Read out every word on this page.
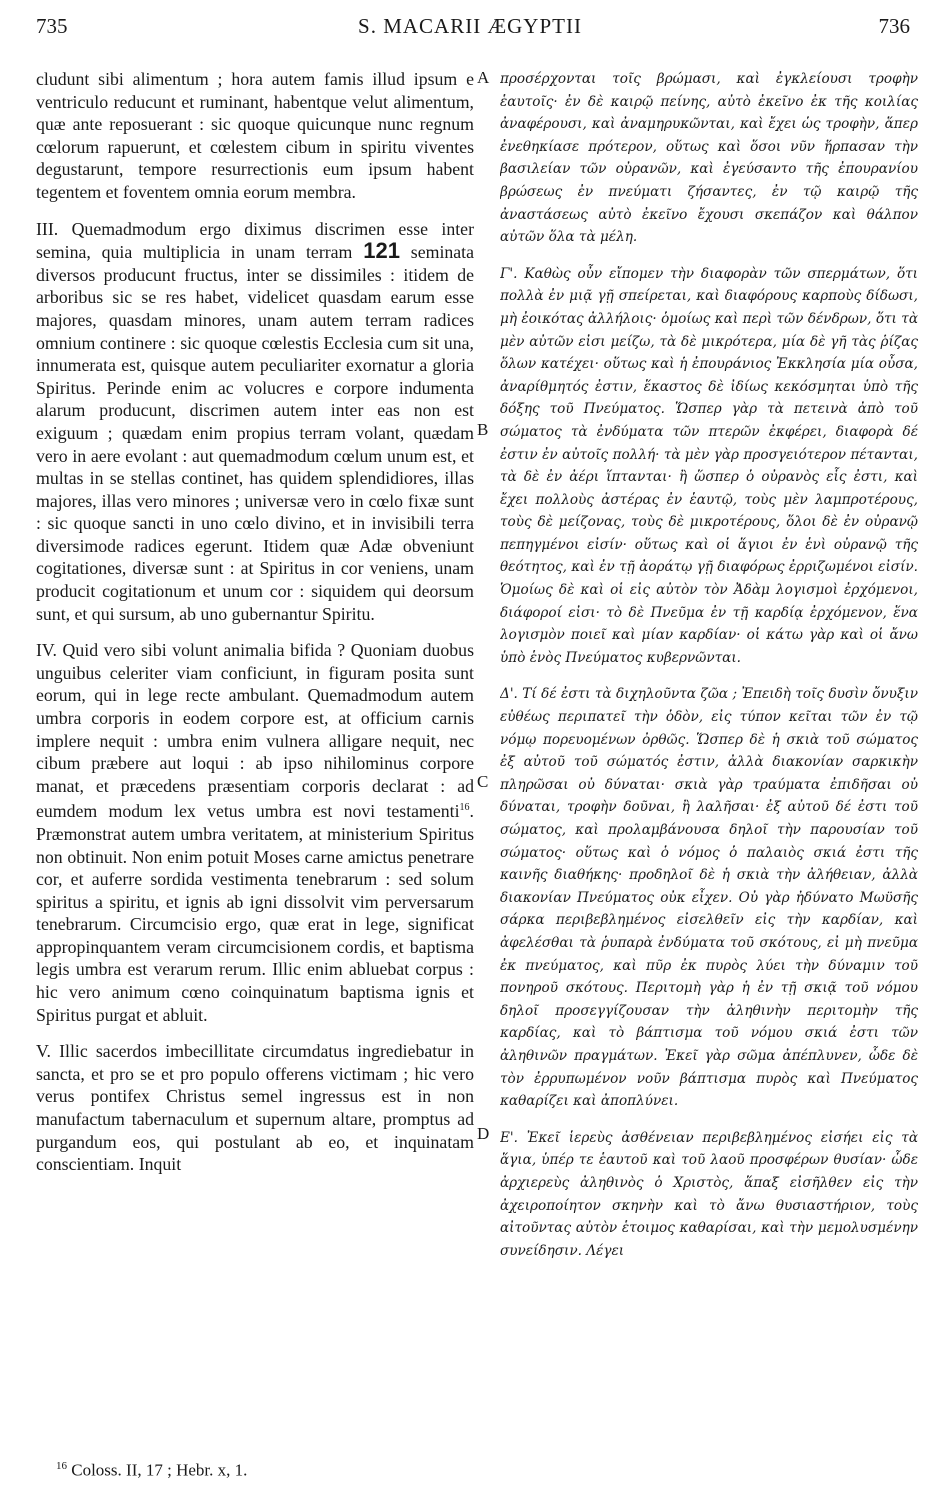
735	S. MACARII ÆGYPTII	736

cludunt sibi alimentum ; hora autem famis illud ipsum e ventriculo reducunt et ruminant, habentque velut alimentum, quæ ante reposuerant : sic quoque quicunque nunc regnum cœlorum rapuerunt, et cœlestem cibum in spiritu viventes degustarunt, tempore resurrectionis eum ipsum habent tegentem et foventem omnia eorum membra.

III. Quemadmodum ergo diximus discrimen esse inter semina, quia multiplicia in unam terram 121 seminata diversos producunt fructus, inter se dissimiles : itidem de arboribus sic se res habet, videlicet quasdam earum esse majores, quasdam minores, unam autem terram radices omnium continere : sic quoque cœlestis Ecclesia cum sit una, innumerata est, quisque autem peculiariter exornatur a gloria Spiritus. Perinde enim ac volucres e corpore indumenta alarum producunt, discrimen autem inter eas non est exiguum ; quædam enim propius terram volant, quædam vero in aere evolant : aut quemadmodum cœlum unum est, et multas in se stellas continet, has quidem splendidiores, illas majores, illas vero minores ; universæ vero in cœlo fixæ sunt : sic quoque sancti in uno cœlo divino, et in invisibili terra diversimode radices egerunt. Itidem quæ Adæ obveniunt cogitationes, diversæ sunt : at Spiritus in cor veniens, unam producit cogitationum et unum cor : siquidem qui deorsum sunt, et qui sursum, ab uno gubernantur Spiritu.

IV. Quid vero sibi volunt animalia bifida ? Quoniam duobus unguibus celeriter viam conficiunt, in figuram posita sunt eorum, qui in lege recte ambulant. Quemadmodum autem umbra corporis in eodem corpore est, at officium carnis implere nequit : umbra enim vulnera alligare nequit, nec cibum præbere aut loqui : ab ipso nihilominus corpore manat, et præcedens præsentiam corporis declarat : ad eumdem modum lex vetus umbra est novi testamenti$^{16}$. Præmonstrat autem umbra veritatem, at ministerium Spiritus non obtinuit. Non enim potuit Moses carne amictus penetrare cor, et auferre sordida vestimenta tenebrarum : sed solum spiritus a spiritu, et ignis ab igni dissolvit vim perversarum tenebrarum. Circumcisio ergo, quæ erat in lege, significat appropinquantem veram circumcisionem cordis, et baptisma legis umbra est verarum rerum. Illic enim abluebat corpus : hic vero animum cœno coinquinatum baptisma ignis et Spiritus purgat et abluit.

V. Illic sacerdos imbecillitate circumdatus ingrediebatur in sancta, et pro se et pro populo offerens victimam ; hic vero verus pontifex Christus semel ingressus est in non manufactum tabernaculum et supernum altare, promptus ad purgandum eos, qui postulant ab eo, et inquinatam conscientiam. Inquit

προσέρχονται τοῖς βρώμασι, καὶ ἐγκλείουσι τροφὴν ἑαυτοῖς· ἐν δὲ καιρῷ πείνης, αὐτὸ ἐκεῖνο ἐκ τῆς κοιλίας ἀναφέρουσι, καὶ ἀναμηρυκῶνται, καὶ ἔχει ὡς τροφὴν, ἅπερ ἐνεθηκίασε πρότερον, οὕτως καὶ ὅσοι νῦν ἥρπασαν τὴν βασιλείαν τῶν οὐρανῶν, καὶ ἐγεύσαντο τῆς ἐπουρανίου βρώσεως ἐν πνεύματι ζήσαντες, ἐν τῷ καιρῷ τῆς ἀναστάσεως αὐτὸ ἐκεῖνο ἔχουσι σκεπάζον καὶ θάλπον αὐτῶν ὅλα τὰ μέλη.

Γ'. Καθὼς οὖν εἴπομεν τὴν διαφορὰν τῶν σπερμάτων, ὅτι πολλὰ ἐν μιᾷ γῇ σπείρεται, καὶ διαφόρους καρποὺς δίδωσι, μὴ ἐοικότας ἀλλήλοις· ὁμοίως καὶ περὶ τῶν δένδρων, ὅτι τὰ μὲν αὐτῶν εἰσι μείζω, τὰ δὲ μικρότερα, μία δὲ γῆ τὰς ῥίζας ὅλων κατέχει· οὕτως καὶ ἡ ἐπουράνιος Ἐκκλησία μία οὖσα, ἀναρίθμητός ἐστιν, ἕκαστος δὲ ἰδίως κεκόσμηται ὑπὸ τῆς δόξης τοῦ Πνεύματος. Ὥσπερ γὰρ τὰ πετεινὰ ἀπὸ τοῦ σώματος τὰ ἐνδύματα τῶν πτερῶν ἐκφέρει, διαφορὰ δέ ἐστιν ἐν αὐτοῖς πολλή· τὰ μὲν γὰρ προσγειότερον πέτανται, τὰ δὲ ἐν ἀέρι ἵπτανται· ἢ ὥσπερ ὁ οὐρανὸς εἷς ἐστι, καὶ ἔχει πολλοὺς ἀστέρας ἐν ἑαυτῷ, τοὺς μὲν λαμπροτέρους, τοὺς δὲ μείζονας, τοὺς δὲ μικροτέρους, ὅλοι δὲ ἐν οὐρανῷ πεπηγμένοι εἰσίν· οὕτως καὶ οἱ ἅγιοι ἐν ἑνὶ οὐρανῷ τῆς θεότητος, καὶ ἐν τῇ ἀοράτῳ γῇ διαφόρως ἐρριζωμένοι εἰσίν. Ὁμοίως δὲ καὶ οἱ εἰς αὐτὸν τὸν Ἀδὰμ λογισμοὶ ἐρχόμενοι, διάφοροί εἰσι· τὸ δὲ Πνεῦμα ἐν τῇ καρδίᾳ ἐρχόμενον, ἕνα λογισμὸν ποιεῖ καὶ μίαν καρδίαν· οἱ κάτω γὰρ καὶ οἱ ἄνω ὑπὸ ἑνὸς Πνεύματος κυβερνῶνται.

Δ'. Τί δέ ἐστι τὰ διχηλοῦντα ζῶα ; Ἐπειδὴ τοῖς δυσὶν ὄνυξιν εὐθέως περιπατεῖ τὴν ὁδὸν, εἰς τύπον κεῖται τῶν ἐν τῷ νόμῳ πορευομένων ὀρθῶς. Ὥσπερ δὲ ἡ σκιὰ τοῦ σώματος ἐξ αὐτοῦ τοῦ σώματός ἐστιν, ἀλλὰ διακονίαν σαρκικὴν πληρῶσαι οὐ δύναται· σκιὰ γὰρ τραύματα ἐπιδῆσαι οὐ δύναται, τροφὴν δοῦναι, ἢ λαλῆσαι· ἐξ αὐτοῦ δέ ἐστι τοῦ σώματος, καὶ προλαμβάνουσα δηλοῖ τὴν παρουσίαν τοῦ σώματος· οὕτως καὶ ὁ νόμος ὁ παλαιὸς σκιά ἐστι τῆς καινῆς διαθήκης· προδηλοῖ δὲ ἡ σκιὰ τὴν ἀλήθειαν, ἀλλὰ διακονίαν Πνεύματος οὐκ εἶχεν. Οὐ γὰρ ἠδύνατο Μωϋσῆς σάρκα περιβεβλημένος εἰσελθεῖν εἰς τὴν καρδίαν, καὶ ἀφελέσθαι τὰ ῥυπαρὰ ἐνδύματα τοῦ σκότους, εἰ μὴ πνεῦμα ἐκ πνεύματος, καὶ πῦρ ἐκ πυρὸς λύει τὴν δύναμιν τοῦ πονηροῦ σκότους. Περιτομὴ γὰρ ἡ ἐν τῇ σκιᾷ τοῦ νόμου δηλοῖ προσεγγίζουσαν τὴν ἀληθινὴν περιτομὴν τῆς καρδίας, καὶ τὸ βάπτισμα τοῦ νόμου σκιά ἐστι τῶν ἀληθινῶν πραγμάτων. Ἐκεῖ γὰρ σῶμα ἀπέπλυνεν, ὧδε δὲ τὸν ἐρρυπωμένον νοῦν βάπτισμα πυρὸς καὶ Πνεύματος καθαρίζει καὶ ἀποπλύνει.

Ε'. Ἐκεῖ ἱερεὺς ἀσθένειαν περιβεβλημένος εἰσήει εἰς τὰ ἅγια, ὑπέρ τε ἑαυτοῦ καὶ τοῦ λαοῦ προσφέρων θυσίαν· ὧδε ἀρχιερεὺς ἀληθινὸς ὁ Χριστὸς, ἅπαξ εἰσῆλθεν εἰς τὴν ἀχειροποίητον σκηνὴν καὶ τὸ ἄνω θυσιαστήριον, τοὺς αἰτοῦντας αὐτὸν ἑτοιμος καθαρίσαι, καὶ τὴν μεμολυσμένην συνείδησιν. Λέγει

A
B
C
D
$^{16}$ Coloss. II, 17 ; Hebr. x, 1.
